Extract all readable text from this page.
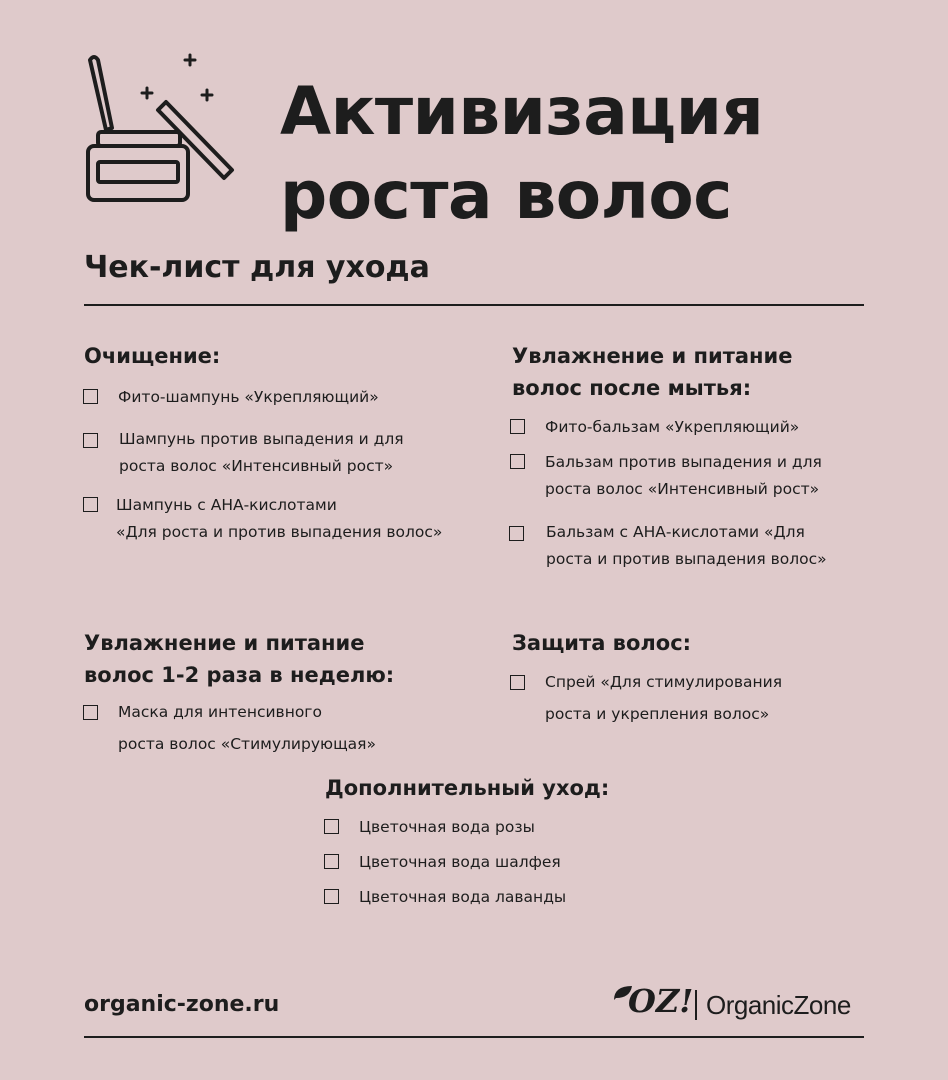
Активизация
роста волос
Чек-лист для ухода
Очищение:
Фито-шампунь «Укрепляющий»
Шампунь против выпадения и для
роста волос «Интенсивный рост»
Шампунь с АНА-кислотами
«Для роста и против выпадения волос»
Увлажнение и питание
волос после мытья:
Фито-бальзам «Укрепляющий»
Бальзам против выпадения и для
роста волос «Интенсивный рост»
Бальзам с АНА-кислотами «Для
роста и против выпадения волос»
Увлажнение и питание
волос 1-2 раза в неделю:
Маска для интенсивного
роста волос «Стимулирующая»
Защита волос:
Спрей «Для стимулирования
роста и укрепления волос»
Дополнительный уход:
Цветочная вода розы
Цветочная вода шалфея
Цветочная вода лаванды
organic-zone.ru	OZ! OrganicZone
